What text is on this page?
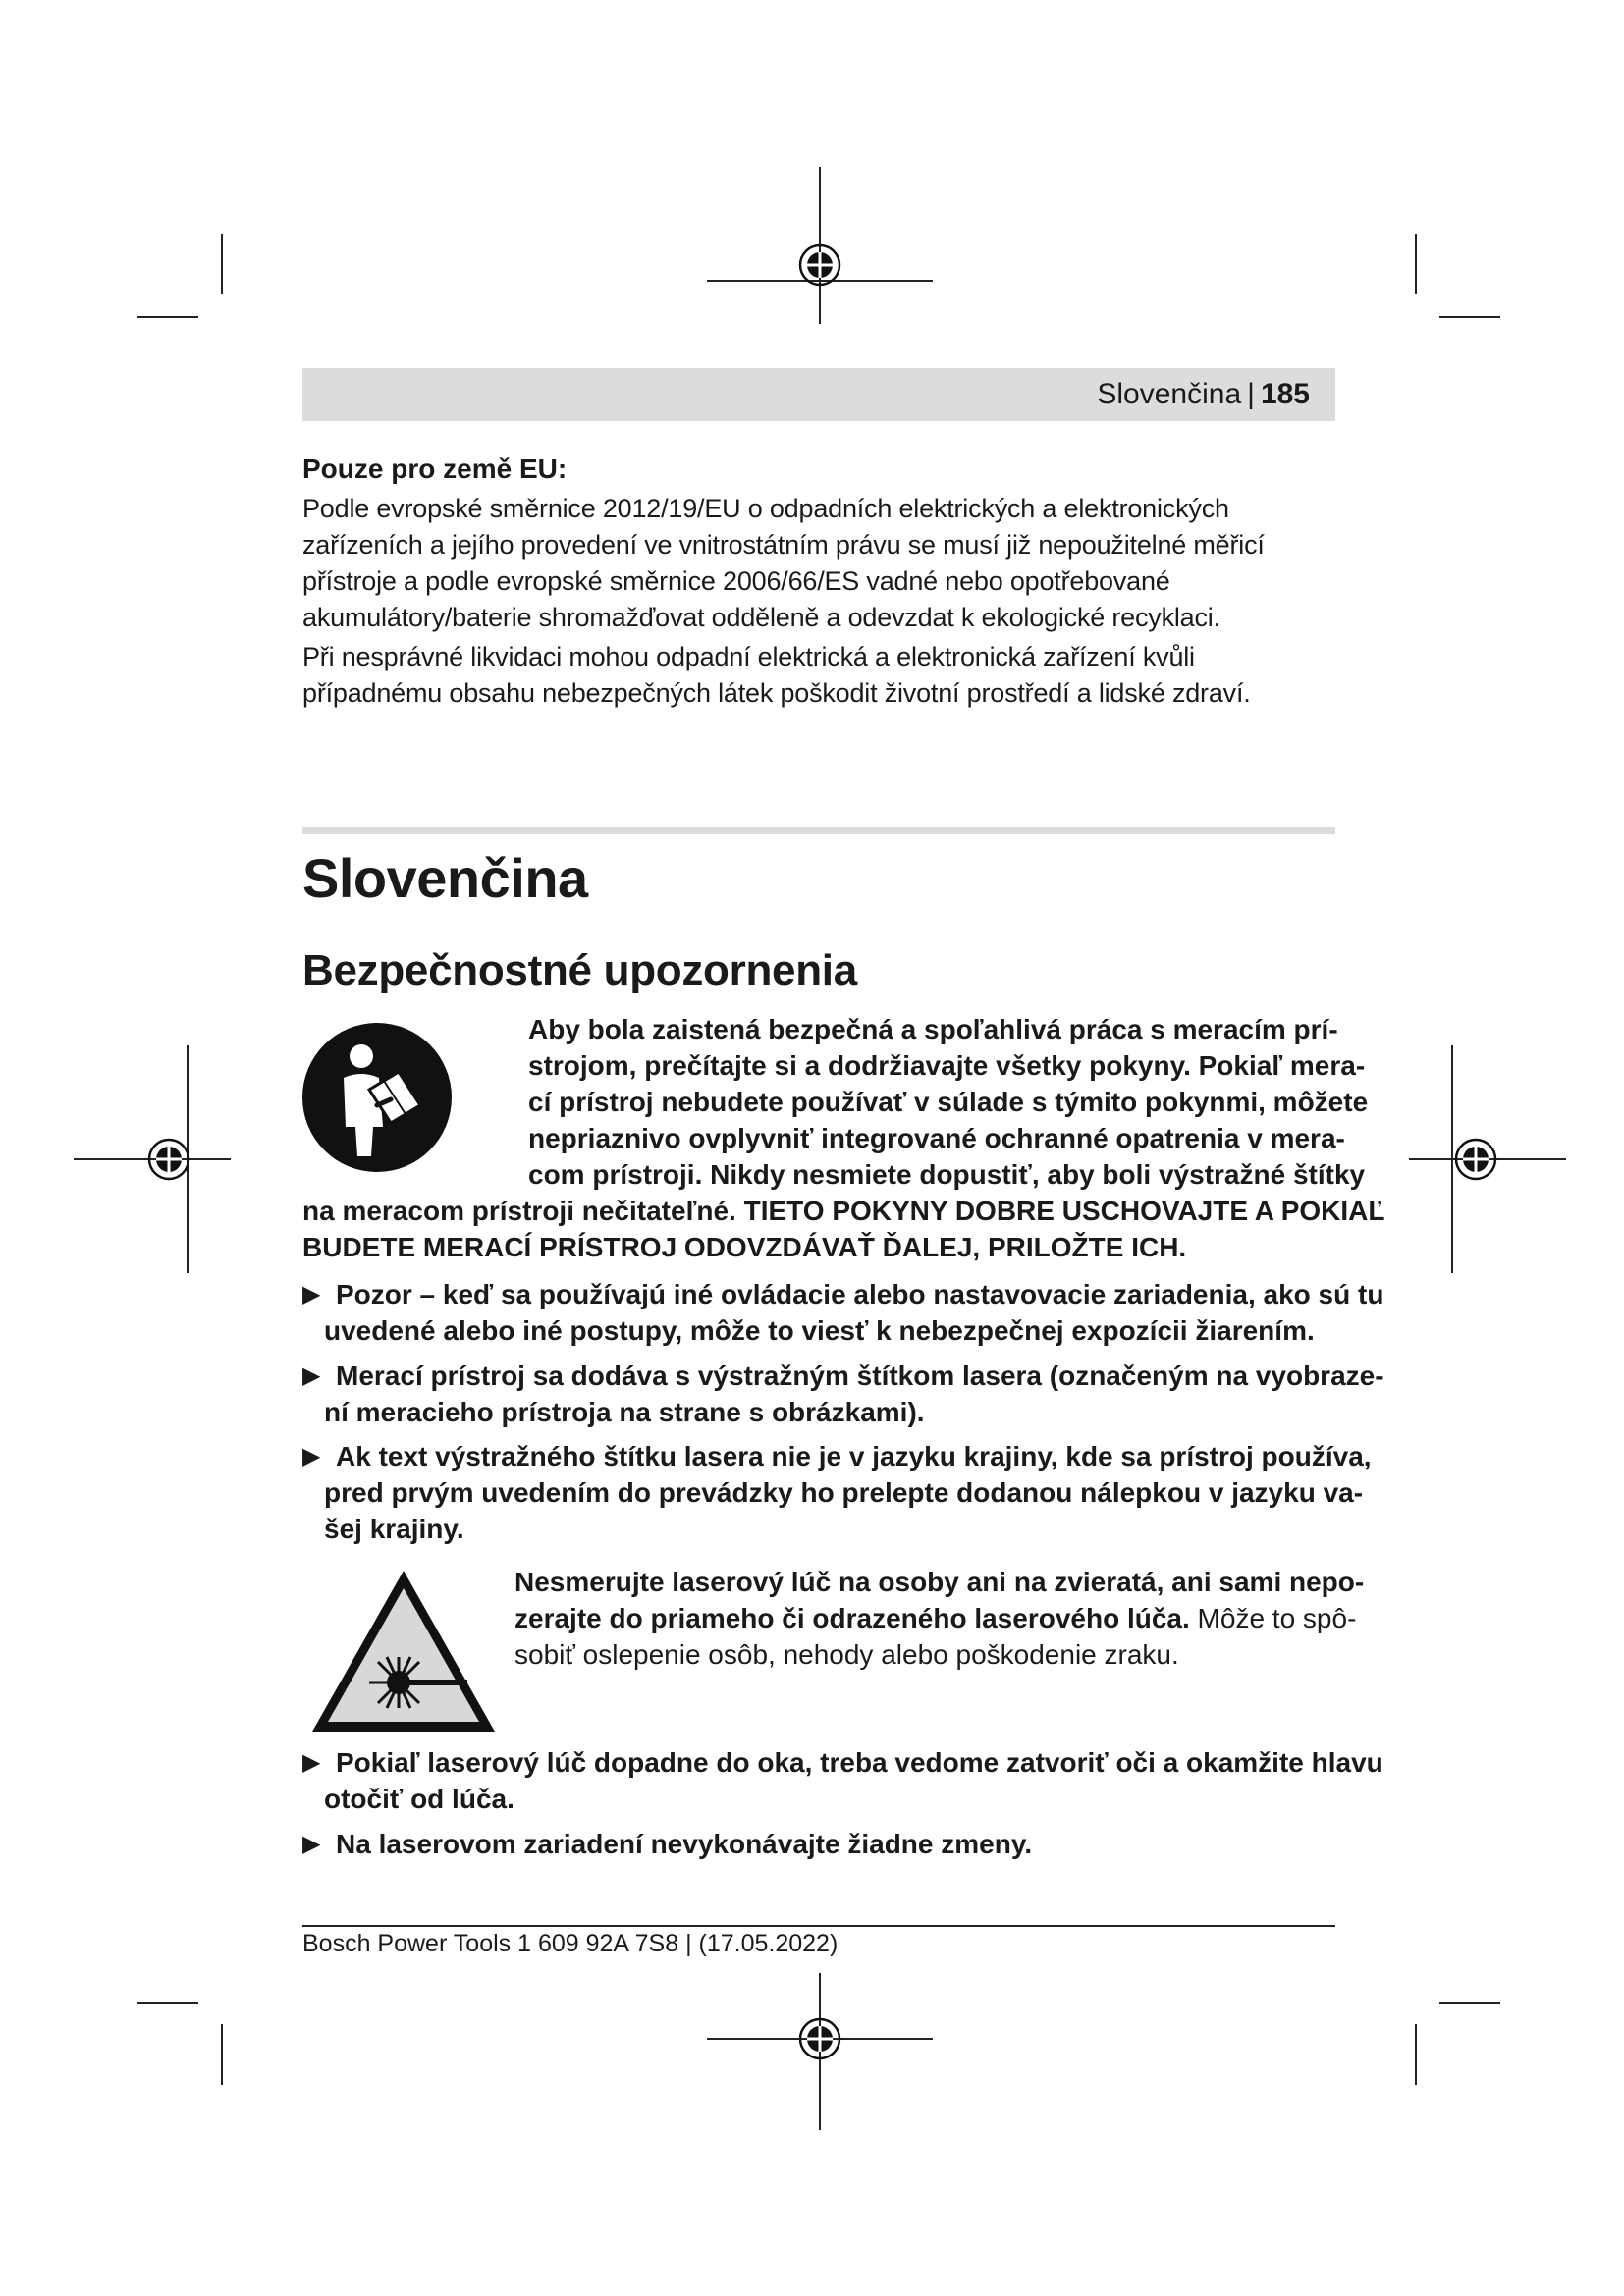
Slovenčina | 185
Pouze pro země EU:
Podle evropské směrnice 2012/19/EU o odpadních elektrických a elektronických
zařízeních a jejího provedení ve vnitrostátním právu se musí již nepoužitelné měřicí
přístroje a podle evropské směrnice 2006/66/ES vadné nebo opotřebované
akumulátory/baterie shromažďovat odděleně a odevzdat k ekologické recyklaci.
Při nesprávné likvidaci mohou odpadní elektrická a elektronická zařízení kvůli
případnému obsahu nebezpečných látek poškodit životní prostředí a lidské zdraví.
Slovenčina
Bezpečnostné upozornenia
Aby bola zaistená bezpečná a spoľahlivá práca s meracím prí-
strojom, prečítajte si a dodržiavajte všetky pokyny. Pokiaľ mera-
cí prístroj nebudete používať v súlade s týmito pokynmi, môžete
nepriaznivo ovplyvniť integrované ochranné opatrenia v mera-
com prístroji. Nikdy nesmiete dopustiť, aby boli výstražné štítky
na meracom prístroji nečitateľné. TIETO POKYNY DOBRE USCHOVAJTE A POKIAĽ
BUDETE MERACÍ PRÍSTROJ ODOVZDÁVAŤ ĎALEJ, PRILOŽTE ICH.
▶ Pozor – keď sa používajú iné ovládacie alebo nastavovacie zariadenia, ako sú tu
uvedené alebo iné postupy, môže to viesť k nebezpečnej expozícii žiarením.
▶ Merací prístroj sa dodáva s výstražným štítkom lasera (označeným na vyobraze-
ní meracieho prístroja na strane s obrázkami).
▶ Ak text výstražného štítku lasera nie je v jazyku krajiny, kde sa prístroj používa,
pred prvým uvedením do prevádzky ho prelepte dodanou nálepkou v jazyku va-
šej krajiny.
Nesmerujte laserový lúč na osoby ani na zvieratá, ani sami nepo-
zerajte do priameho či odrazeného laserového lúča. Môže to spô-
sobiť oslepenie osôb, nehody alebo poškodenie zraku.
▶ Pokiaľ laserový lúč dopadne do oka, treba vedome zatvoriť oči a okamžite hlavu
otočiť od lúča.
▶ Na laserovom zariadení nevykonávajte žiadne zmeny.
Bosch Power Tools 1 609 92A 7S8 | (17.05.2022)
